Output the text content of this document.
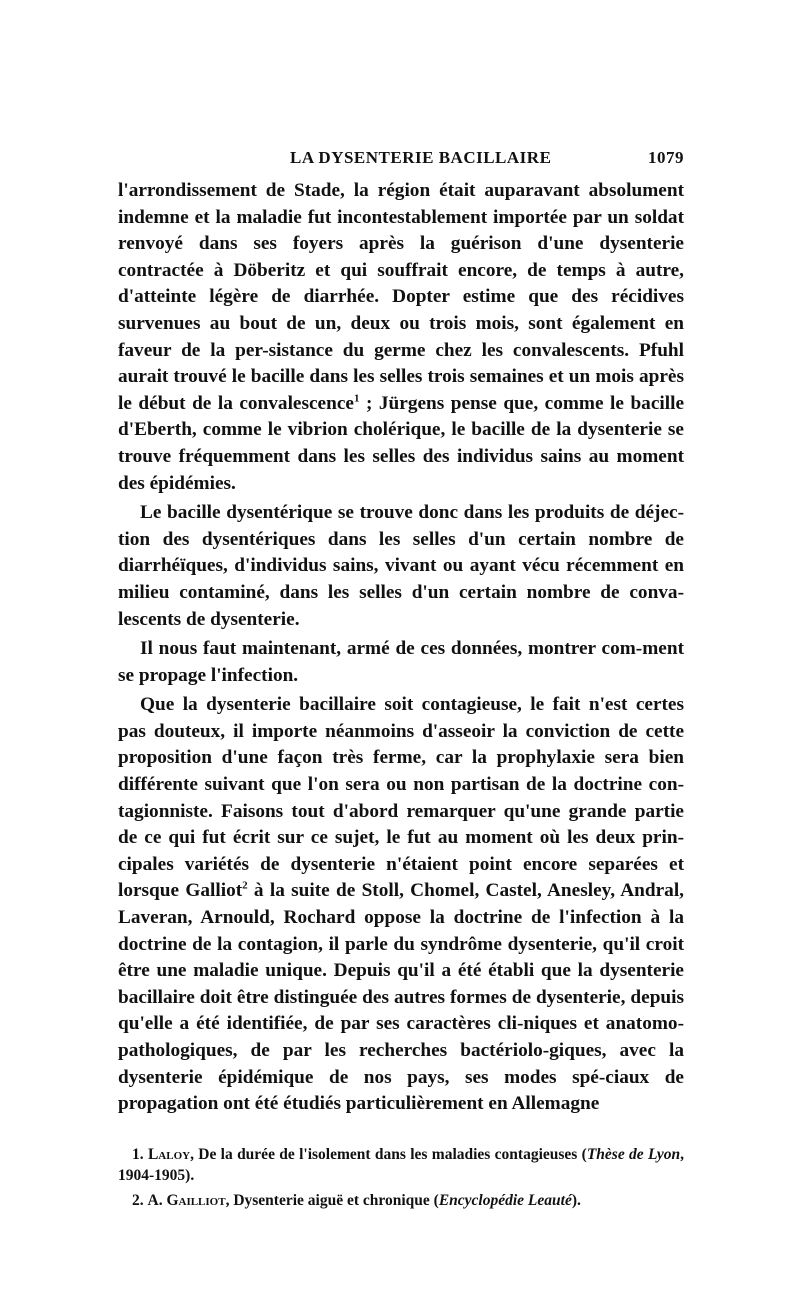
LA DYSENTERIE BACILLAIRE	1079

l'arrondissement de Stade, la région était auparavant absolument indemne et la maladie fut incontestablement importée par un soldat renvoyé dans ses foyers après la guérison d'une dysenterie contractée à Döberitz et qui souffrait encore, de temps à autre, d'atteinte légère de diarrhée. Dopter estime que des récidives survenues au bout de un, deux ou trois mois, sont également en faveur de la per-sistance du germe chez les convalescents. Pfuhl aurait trouvé le bacille dans les selles trois semaines et un mois après le début de la convalescence$^1$ ; Jürgens pense que, comme le bacille d'Eberth, comme le vibrion cholérique, le bacille de la dysenterie se trouve fréquemment dans les selles des individus sains au moment des épidémies.

Le bacille dysentérique se trouve donc dans les produits de déjec-tion des dysentériques dans les selles d'un certain nombre de diarrhéïques, d'individus sains, vivant ou ayant vécu récemment en milieu contaminé, dans les selles d'un certain nombre de conva-lescents de dysenterie.

Il nous faut maintenant, armé de ces données, montrer com-ment se propage l'infection.

Que la dysenterie bacillaire soit contagieuse, le fait n'est certes pas douteux, il importe néanmoins d'asseoir la conviction de cette proposition d'une façon très ferme, car la prophylaxie sera bien différente suivant que l'on sera ou non partisan de la doctrine con-tagionniste. Faisons tout d'abord remarquer qu'une grande partie de ce qui fut écrit sur ce sujet, le fut au moment où les deux prin-cipales variétés de dysenterie n'étaient point encore separées et lorsque Galliot$^2$ à la suite de Stoll, Chomel, Castel, Anesley, Andral, Laveran, Arnould, Rochard oppose la doctrine de l'infection à la doctrine de la contagion, il parle du syndrôme dysenterie, qu'il croit être une maladie unique. Depuis qu'il a été établi que la dysenterie bacillaire doit être distinguée des autres formes de dysenterie, depuis qu'elle a été identifiée, de par ses caractères cli-niques et anatomo-pathologiques, de par les recherches bactériolo-giques, avec la dysenterie épidémique de nos pays, ses modes spé-ciaux de propagation ont été étudiés particulièrement en Allemagne

1. Laloy, De la durée de l'isolement dans les maladies contagieuses (Thèse de Lyon, 1904-1905).

2. A. Gailliot, Dysenterie aiguë et chronique (Encyclopédie Leauté).
